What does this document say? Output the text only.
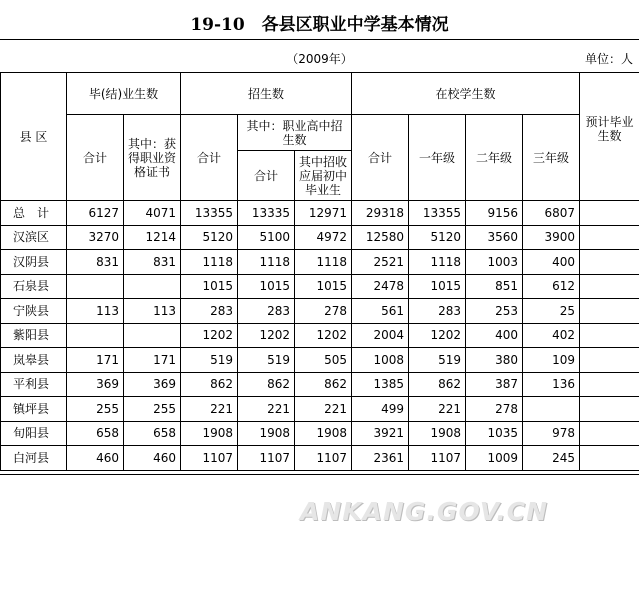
19-10　各县区职业中学基本情况
（2009年）	单位：人
县 区	毕(结)业生数		招生数			在校学生数				
	合计	其中：获得职业资格证书	合计	其中：职业高中招生数		合计	一年级	二年级	三年级	预计毕业生数
				合计	其中招收应届初中毕业生					
总　计	6127	4071	13355	13335	12971	29318	13355	9156	6807	
汉滨区	3270	1214	5120	5100	4972	12580	5120	3560	3900	
汉阴县	831	831	1118	1118	1118	2521	1118	1003	400	
石泉县			1015	1015	1015	2478	1015	851	612	
宁陕县	113	113	283	283	278	561	283	253	25	
紫阳县			1202	1202	1202	2004	1202	400	402	
岚皋县	171	171	519	519	505	1008	519	380	109	
平利县	369	369	862	862	862	1385	862	387	136	
镇坪县	255	255	221	221	221	499	221	278		
旬阳县	658	658	1908	1908	1908	3921	1908	1035	978	
白河县	460	460	1107	1107	1107	2361	1107	1009	245	
ANKANG.GOV.CN
